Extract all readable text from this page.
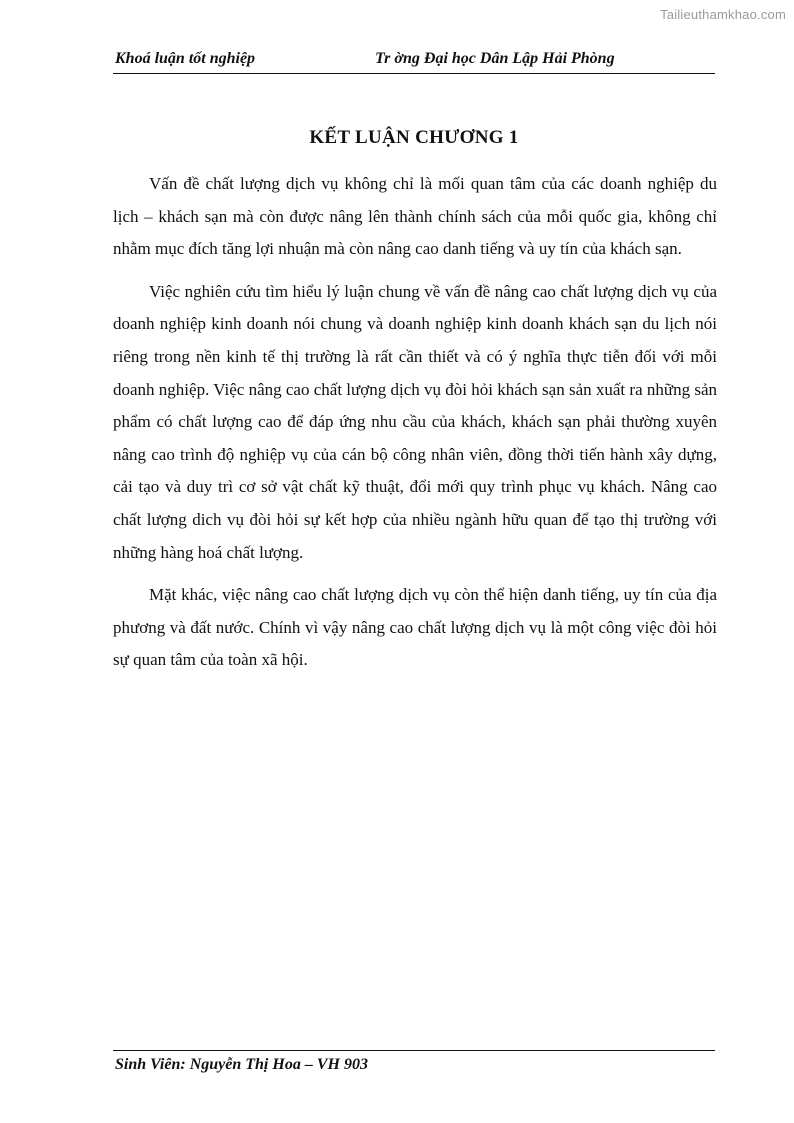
Tailieuthamkhao.com
Khoá luận tốt nghiệp	Tr ờng Đại học Dân Lập Hải Phòng
KẾT LUẬN CHƯƠNG 1

Vấn đề chất lượng dịch vụ không chỉ là mối quan tâm của các doanh nghiệp du lịch – khách sạn mà còn được nâng lên thành chính sách của mỗi quốc gia, không chỉ nhằm mục đích tăng lợi nhuận mà còn nâng cao danh tiếng và uy tín của khách sạn.

Việc nghiên cứu tìm hiểu lý luận chung về vấn đề nâng cao chất lượng dịch vụ của doanh nghiệp kinh doanh nói chung và doanh nghiệp kinh doanh khách sạn du lịch nói riêng trong nền kinh tế thị trường là rất cần thiết và có ý nghĩa thực tiễn đối với mỗi doanh nghiệp. Việc nâng cao chất lượng dịch vụ đòi hỏi khách sạn sản xuất ra những sản phẩm có chất lượng cao để đáp ứng nhu cầu của khách, khách sạn phải thường xuyên nâng cao trình độ nghiệp vụ của cán bộ công nhân viên, đồng thời tiến hành xây dựng, cải tạo và duy trì cơ sở vật chất kỹ thuật, đổi mới quy trình phục vụ khách. Nâng cao chất lượng dich vụ đòi hỏi sự kết hợp của nhiều ngành hữu quan để tạo thị trường với những hàng hoá chất lượng.

Mặt khác, việc nâng cao chất lượng dịch vụ còn thể hiện danh tiếng, uy tín của địa phương và đất nước. Chính vì vậy nâng cao chất lượng dịch vụ là một công việc đòi hỏi sự quan tâm của toàn xã hội.

Sinh Viên: Nguyễn Thị Hoa – VH 903
